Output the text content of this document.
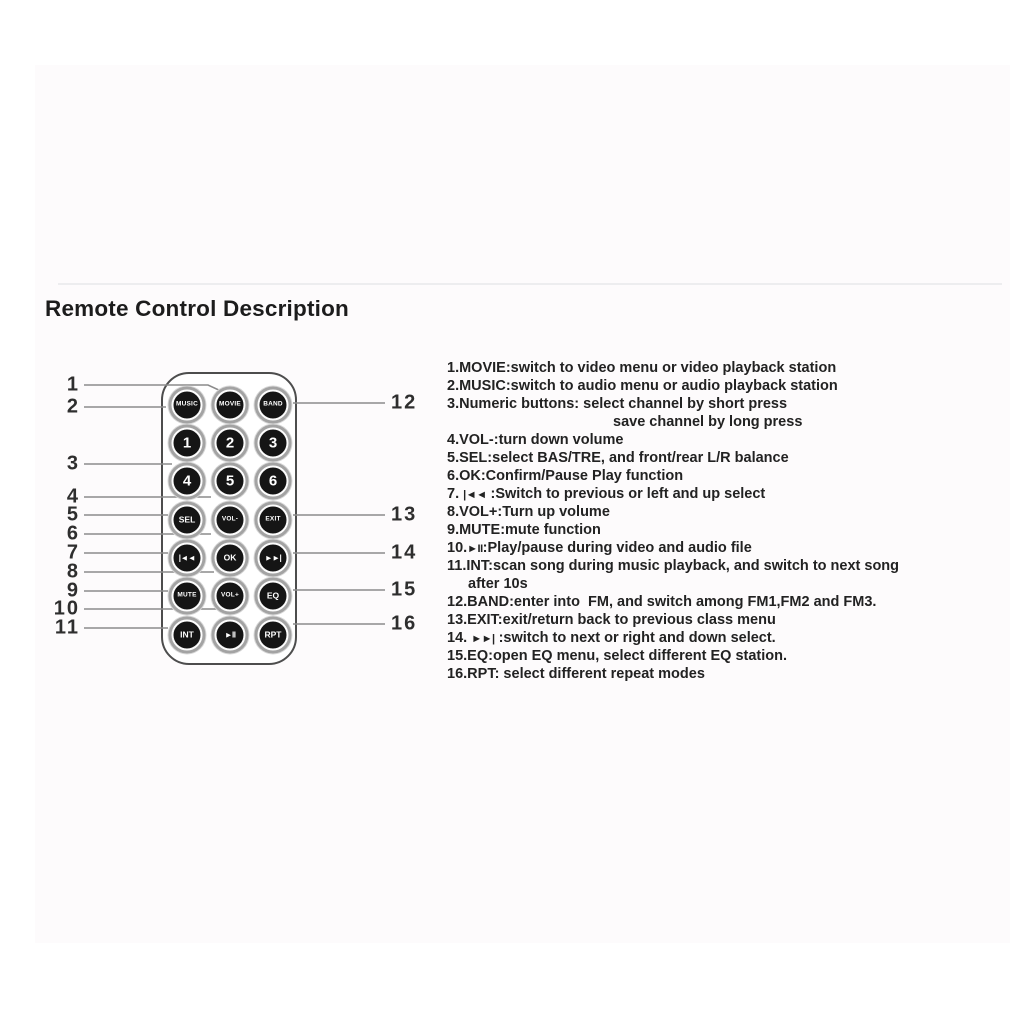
Remote Control Description
MUSIC	MOVIE	BAND
1	2	3
4	5	6
SEL	VOL-	EXIT
|◄◄	OK	►►|
MUTE	VOL+	EQ
INT	►II	RPT
1
2
3
4
5
6
7
8
9
10
11
12
13
14
15
16
1.MOVIE:switch to video menu or video playback station
2.MUSIC:switch to audio menu or audio playback station
3.Numeric buttons: select channel by short press
save channel by long press
4.VOL-:turn down volume
5.SEL:select BAS/TRE, and front/rear L/R balance
6.OK:Confirm/Pause Play function
7. |◄◄ :Switch to previous or left and up select
8.VOL+:Turn up volume
9.MUTE:mute function
10.►II:Play/pause during video and audio file
11.INT:scan song during music playback, and switch to next song
after 10s
12.BAND:enter into  FM, and switch among FM1,FM2 and FM3.
13.EXIT:exit/return back to previous class menu
14. ►►| :switch to next or right and down select.
15.EQ:open EQ menu, select different EQ station.
16.RPT: select different repeat modes
